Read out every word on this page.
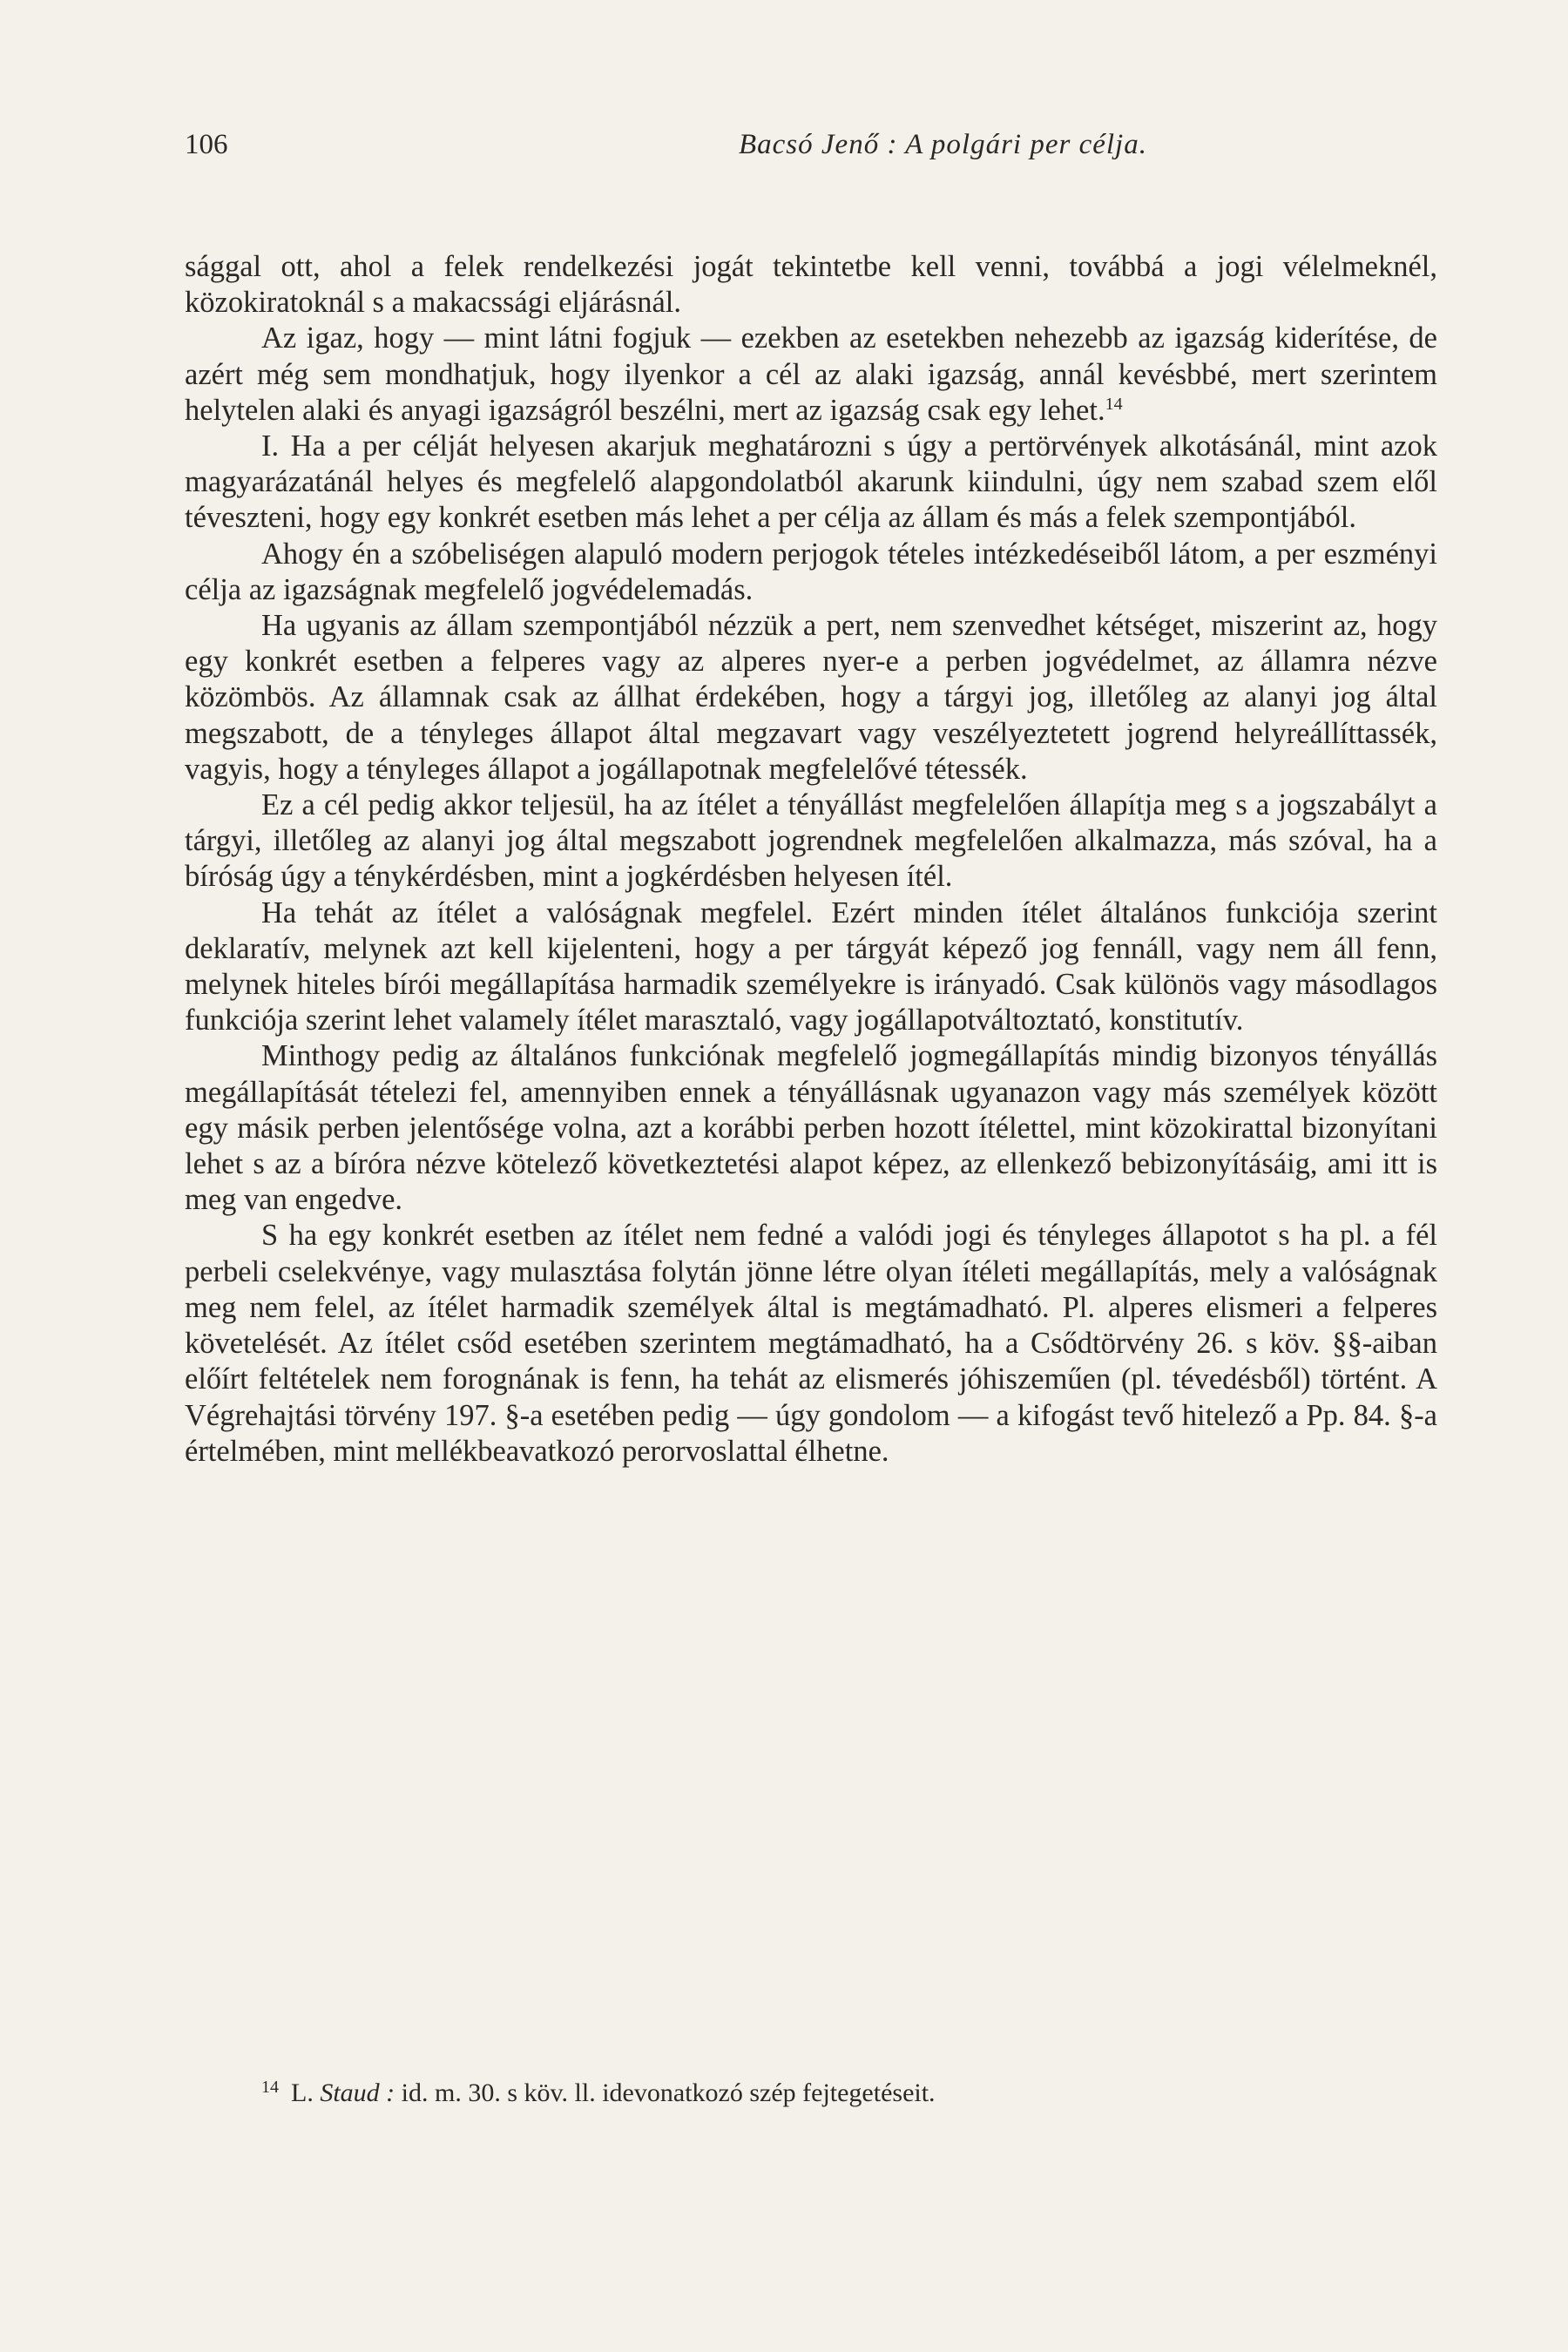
106	Bacsó Jenő : A polgári per célja.

sággal ott, ahol a felek rendelkezési jogát tekintetbe kell venni, továbbá a jogi vélelmeknél, közokiratoknál s a makacssági eljárásnál.

Az igaz, hogy — mint látni fogjuk — ezekben az esetekben nehezebb az igazság kiderítése, de azért még sem mondhatjuk, hogy ilyenkor a cél az alaki igazság, annál kevésbbé, mert szerintem helytelen alaki és anyagi igazságról beszélni, mert az igazság csak egy lehet.$^{14}$

I. Ha a per célját helyesen akarjuk meghatározni s úgy a pertörvények alkotásánál, mint azok magyarázatánál helyes és megfelelő alapgondolatból akarunk kiindulni, úgy nem szabad szem elől téveszteni, hogy egy konkrét esetben más lehet a per célja az állam és más a felek szempontjából.

Ahogy én a szóbeliségen alapuló modern perjogok tételes intézkedéseiből látom, a per eszményi célja az igazságnak megfelelő jogvédelemadás.

Ha ugyanis az állam szempontjából nézzük a pert, nem szenvedhet kétséget, miszerint az, hogy egy konkrét esetben a felperes vagy az alperes nyer-e a perben jogvédelmet, az államra nézve közömbös. Az államnak csak az állhat érdekében, hogy a tárgyi jog, illetőleg az alanyi jog által megszabott, de a tényleges állapot által megzavart vagy veszélyeztetett jogrend helyreállíttassék, vagyis, hogy a tényleges állapot a jogállapotnak megfelelővé tétessék.

Ez a cél pedig akkor teljesül, ha az ítélet a tényállást megfelelően állapítja meg s a jogszabályt a tárgyi, illetőleg az alanyi jog által megszabott jogrendnek megfelelően alkalmazza, más szóval, ha a bíróság úgy a ténykérdésben, mint a jogkérdésben helyesen ítél.

Ha tehát az ítélet a valóságnak megfelel. Ezért minden ítélet általános funkciója szerint deklaratív, melynek azt kell kijelenteni, hogy a per tárgyát képező jog fennáll, vagy nem áll fenn, melynek hiteles bírói megállapítása harmadik személyekre is irányadó. Csak különös vagy másodlagos funkciója szerint lehet valamely ítélet marasztaló, vagy jogállapotváltoztató, konstitutív.

Minthogy pedig az általános funkciónak megfelelő jogmegállapítás mindig bizonyos tényállás megállapítását tételezi fel, amennyiben ennek a tényállásnak ugyanazon vagy más személyek között egy másik perben jelentősége volna, azt a korábbi perben hozott ítélettel, mint közokirattal bizonyítani lehet s az a bíróra nézve kötelező következtetési alapot képez, az ellenkező bebizonyításáig, ami itt is meg van engedve.

S ha egy konkrét esetben az ítélet nem fedné a valódi jogi és tényleges állapotot s ha pl. a fél perbeli cselekvénye, vagy mulasztása folytán jönne létre olyan ítéleti megállapítás, mely a valóságnak meg nem felel, az ítélet harmadik személyek által is megtámadható. Pl. alperes elismeri a felperes követelését. Az ítélet csőd esetében szerintem megtámadható, ha a Csődtörvény 26. s köv. §§-aiban előírt feltételek nem forognának is fenn, ha tehát az elismerés jóhiszeműen (pl. tévedésből) történt. A Végrehajtási törvény 197. §-a esetében pedig — úgy gondolom — a kifogást tevő hitelező a Pp. 84. §-a értelmében, mint mellékbeavatkozó perorvoslattal élhetne.

$^{14}$ L. Staud : id. m. 30. s köv. ll. idevonatkozó szép fejtegetéseit.
